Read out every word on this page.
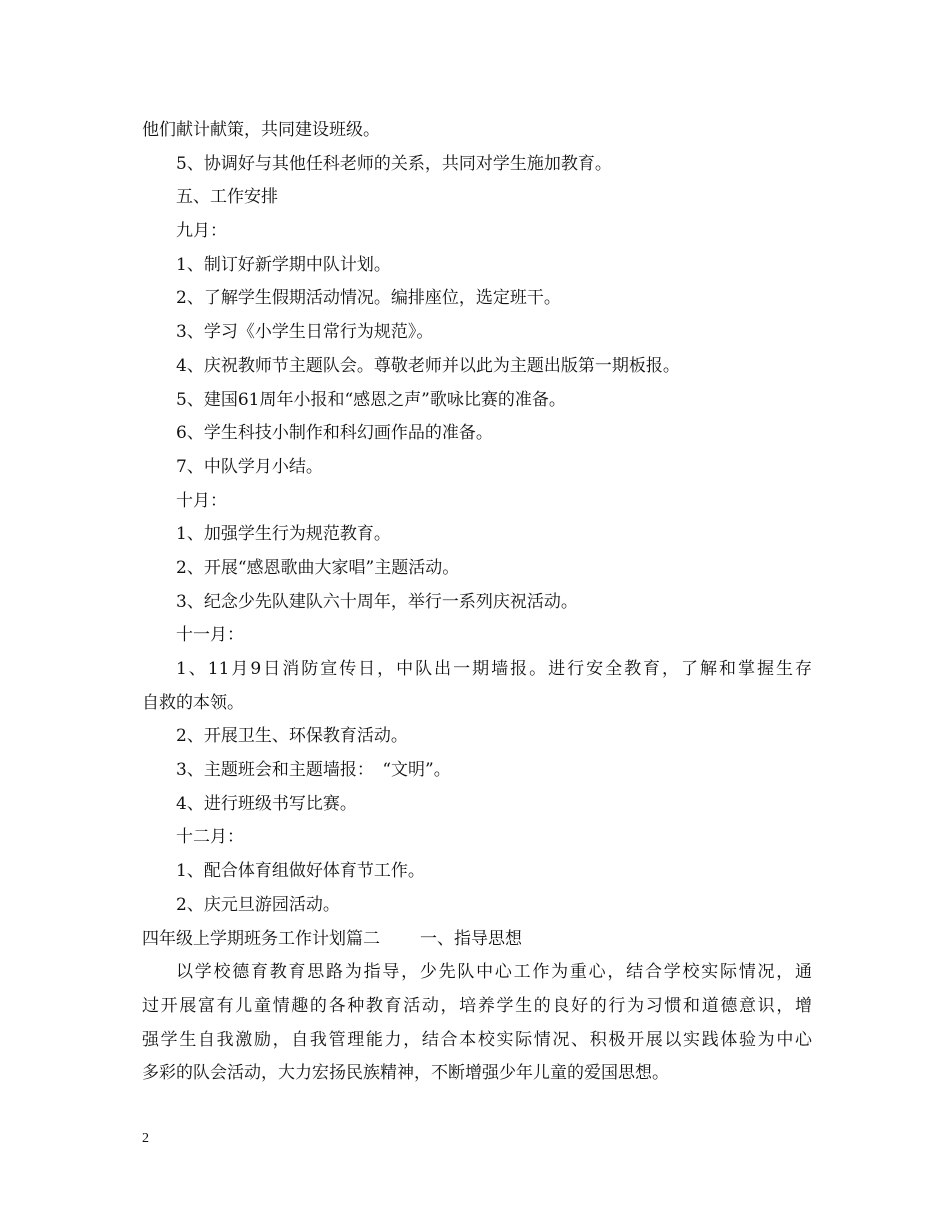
他们献计献策，共同建设班级。
5、协调好与其他任科老师的关系，共同对学生施加教育。
五、工作安排
九月：
1、制订好新学期中队计划。
2、了解学生假期活动情况。编排座位，选定班干。
3、学习《小学生日常行为规范》。
4、庆祝教师节主题队会。尊敬老师并以此为主题出版第一期板报。
5、建国61周年小报和“感恩之声”歌咏比赛的准备。
6、学生科技小制作和科幻画作品的准备。
7、中队学月小结。
十月：
1、加强学生行为规范教育。
2、开展“感恩歌曲大家唱”主题活动。
3、纪念少先队建队六十周年，举行一系列庆祝活动。
十一月：
1、11月9日消防宣传日，中队出一期墙报。进行安全教育，了解和掌握生存
自救的本领。
2、开展卫生、环保教育活动。
3、主题班会和主题墙报：　“文明”。
4、进行班级书写比赛。
十二月：
1、配合体育组做好体育节工作。
2、庆元旦游园活动。
四年级上学期班务工作计划篇二 一、指导思想
以学校德育教育思路为指导，少先队中心工作为重心，结合学校实际情况，通
过开展富有儿童情趣的各种教育活动，培养学生的良好的行为习惯和道德意识，增
强学生自我激励，自我管理能力，结合本校实际情况、积极开展以实践体验为中心
多彩的队会活动，大力宏扬民族精神，不断增强少年儿童的爱国思想。
2
